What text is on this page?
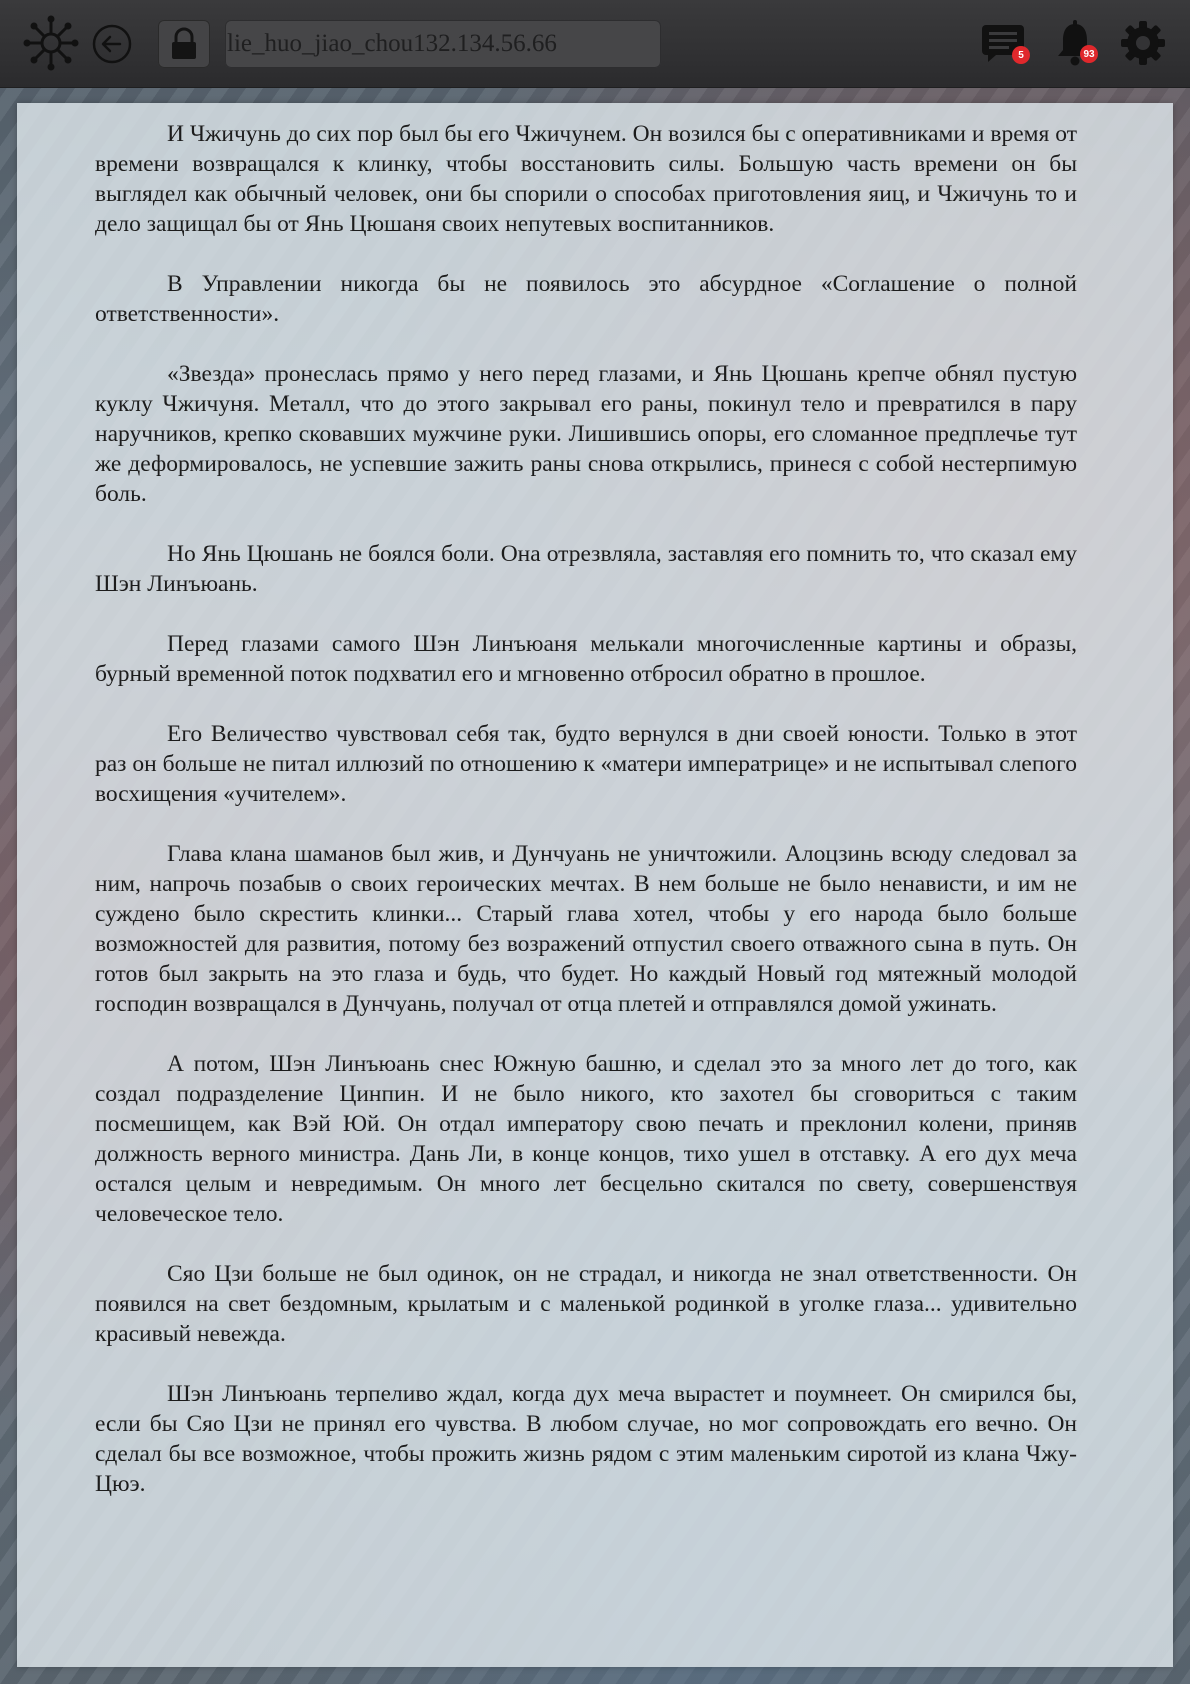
lie_huo_jiao_chou132.134.56.66	5	93

И Чжичунь до сих пор был бы его Чжичунем. Он возился бы с оперативниками и время от времени возвращался к клинку, чтобы восстановить силы. Большую часть времени он бы выглядел как обычный человек, они бы спорили о способах приготовления яиц, и Чжичунь то и дело защищал бы от Янь Цюшаня своих непутевых воспитанников.

В Управлении никогда бы не появилось это абсурдное «Соглашение о полной ответственности».

«Звезда» пронеслась прямо у него перед глазами, и Янь Цюшань крепче обнял пустую куклу Чжичуня. Металл, что до этого закрывал его раны, покинул тело и превратился в пару наручников, крепко сковавших мужчине руки. Лишившись опоры, его сломанное предплечье тут же деформировалось, не успевшие зажить раны снова открылись, принеся с собой нестерпимую боль.

Но Янь Цюшань не боялся боли. Она отрезвляла, заставляя его помнить то, что сказал ему Шэн Линъюань.

Перед глазами самого Шэн Линъюаня мелькали многочисленные картины и образы, бурный временной поток подхватил его и мгновенно отбросил обратно в прошлое.

Его Величество чувствовал себя так, будто вернулся в дни своей юности. Только в этот раз он больше не питал иллюзий по отношению к «матери императрице» и не испытывал слепого восхищения «учителем».

Глава клана шаманов был жив, и Дунчуань не уничтожили. Алоцзинь всюду следовал за ним, напрочь позабыв о своих героических мечтах. В нем больше не было ненависти, и им не суждено было скрестить клинки... Старый глава хотел, чтобы у его народа было больше возможностей для развития, потому без возражений отпустил своего отважного сына в путь. Он готов был закрыть на это глаза и будь, что будет. Но каждый Новый год мятежный молодой господин возвращался в Дунчуань, получал от отца плетей и отправлялся домой ужинать.

А потом, Шэн Линъюань снес Южную башню, и сделал это за много лет до того, как создал подразделение Цинпин. И не было никого, кто захотел бы сговориться с таким посмешищем, как Вэй Юй. Он отдал императору свою печать и преклонил колени, приняв должность верного министра. Дань Ли, в конце концов, тихо ушел в отставку. А его дух меча остался целым и невредимым. Он много лет бесцельно скитался по свету, совершенствуя человеческое тело.

Сяо Цзи больше не был одинок, он не страдал, и никогда не знал ответственности. Он появился на свет бездомным, крылатым и с маленькой родинкой в уголке глаза... удивительно красивый невежда.

Шэн Линъюань терпеливо ждал, когда дух меча вырастет и поумнеет. Он смирился бы, если бы Сяо Цзи не принял его чувства. В любом случае, но мог сопровождать его вечно. Он сделал бы все возможное, чтобы прожить жизнь рядом с этим маленьким сиротой из клана Чжу-Цюэ.
